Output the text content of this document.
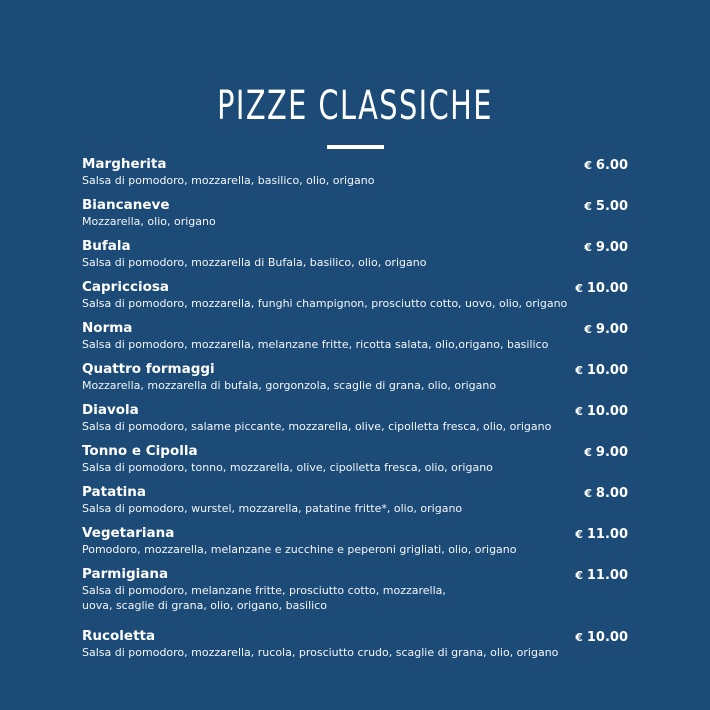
PIZZE CLASSICHE
Margherita
Salsa di pomodoro, mozzarella, basilico, olio, origano
€ 6.00
Biancaneve
Mozzarella, olio, origano
€ 5.00
Bufala
Salsa di pomodoro, mozzarella di Bufala, basilico, olio, origano
€ 9.00
Capricciosa
Salsa di pomodoro, mozzarella, funghi champignon, prosciutto cotto, uovo, olio, origano
€ 10.00
Norma
Salsa di pomodoro, mozzarella, melanzane fritte, ricotta salata, olio,origano, basilico
€ 9.00
Quattro formaggi
Mozzarella, mozzarella di bufala, gorgonzola, scaglie di grana, olio, origano
€ 10.00
Diavola
Salsa di pomodoro, salame piccante, mozzarella, olive, cipolletta fresca, olio, origano
€ 10.00
Tonno e Cipolla
Salsa di pomodoro, tonno, mozzarella, olive, cipolletta fresca, olio, origano
€ 9.00
Patatina
Salsa di pomodoro, wurstel, mozzarella, patatine fritte*, olio, origano
€ 8.00
Vegetariana
Pomodoro, mozzarella, melanzane e zucchine e peperoni grigliati, olio, origano
€ 11.00
Parmigiana
Salsa di pomodoro, melanzane fritte, prosciutto cotto, mozzarella,
uova, scaglie di grana, olio, origano, basilico
€ 11.00
Rucoletta
Salsa di pomodoro, mozzarella, rucola, prosciutto crudo, scaglie di grana, olio, origano
€ 10.00
